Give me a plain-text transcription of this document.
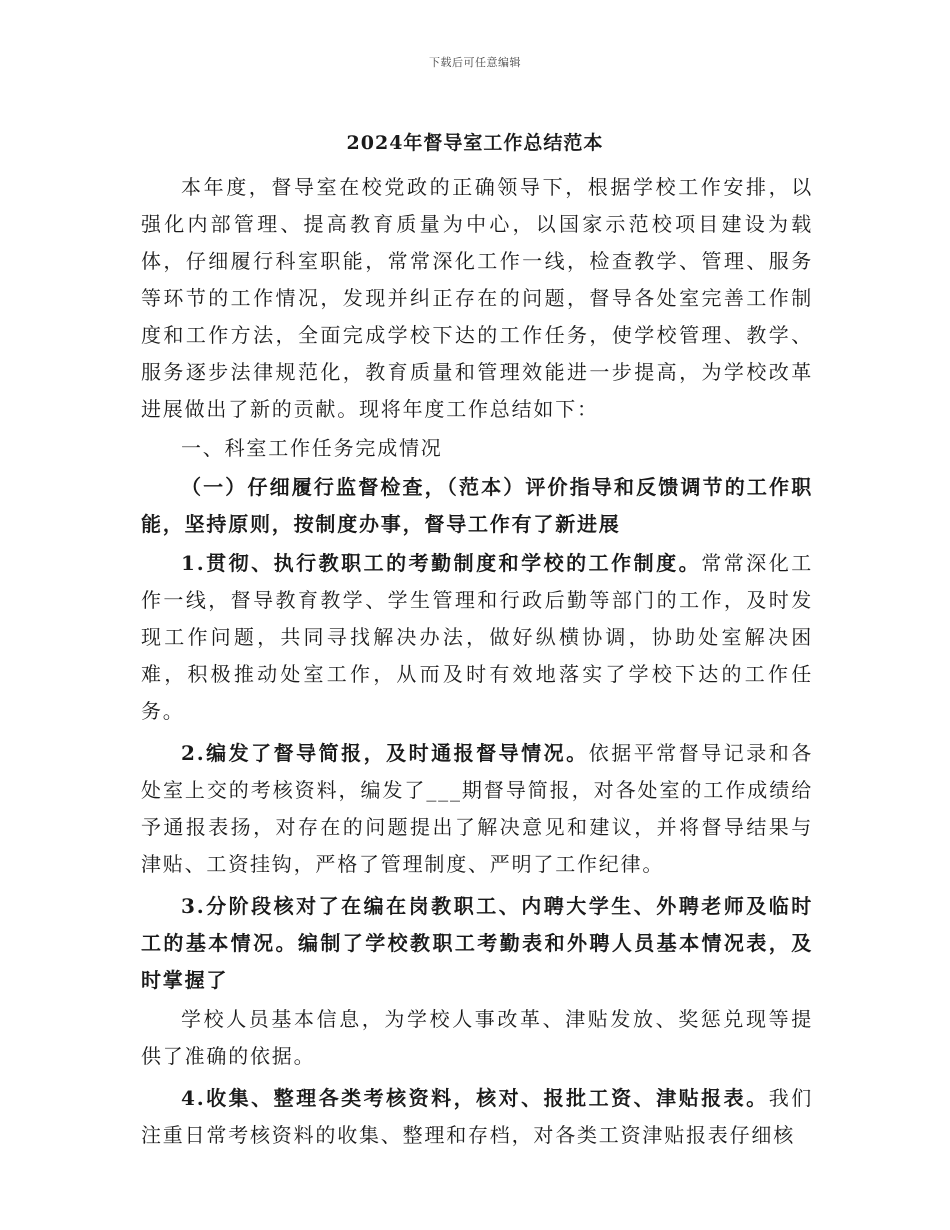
下载后可任意编辑
2024年督导室工作总结范本

本年度，督导室在校党政的正确领导下，根据学校工作安排，以强化内部管理、提高教育质量为中心，以国家示范校项目建设为载体，仔细履行科室职能，常常深化工作一线，检查教学、管理、服务等环节的工作情况，发现并纠正存在的问题，督导各处室完善工作制度和工作方法，全面完成学校下达的工作任务，使学校管理、教学、服务逐步法律规范化，教育质量和管理效能进一步提高，为学校改革进展做出了新的贡献。现将年度工作总结如下：

一、科室工作任务完成情况

（一）仔细履行监督检查，（范本）评价指导和反馈调节的工作职能，坚持原则，按制度办事，督导工作有了新进展

1.贯彻、执行教职工的考勤制度和学校的工作制度。常常深化工作一线，督导教育教学、学生管理和行政后勤等部门的工作，及时发现工作问题，共同寻找解决办法，做好纵横协调，协助处室解决困难，积极推动处室工作，从而及时有效地落实了学校下达的工作任务。

2.编发了督导简报，及时通报督导情况。依据平常督导记录和各处室上交的考核资料，编发了___期督导简报，对各处室的工作成绩给予通报表扬，对存在的问题提出了解决意见和建议，并将督导结果与津贴、工资挂钩，严格了管理制度、严明了工作纪律。

3.分阶段核对了在编在岗教职工、内聘大学生、外聘老师及临时工的基本情况。编制了学校教职工考勤表和外聘人员基本情况表，及时掌握了

学校人员基本信息，为学校人事改革、津贴发放、奖惩兑现等提供了准确的依据。

4.收集、整理各类考核资料，核对、报批工资、津贴报表。我们注重日常考核资料的收集、整理和存档，对各类工资津贴报表仔细核
